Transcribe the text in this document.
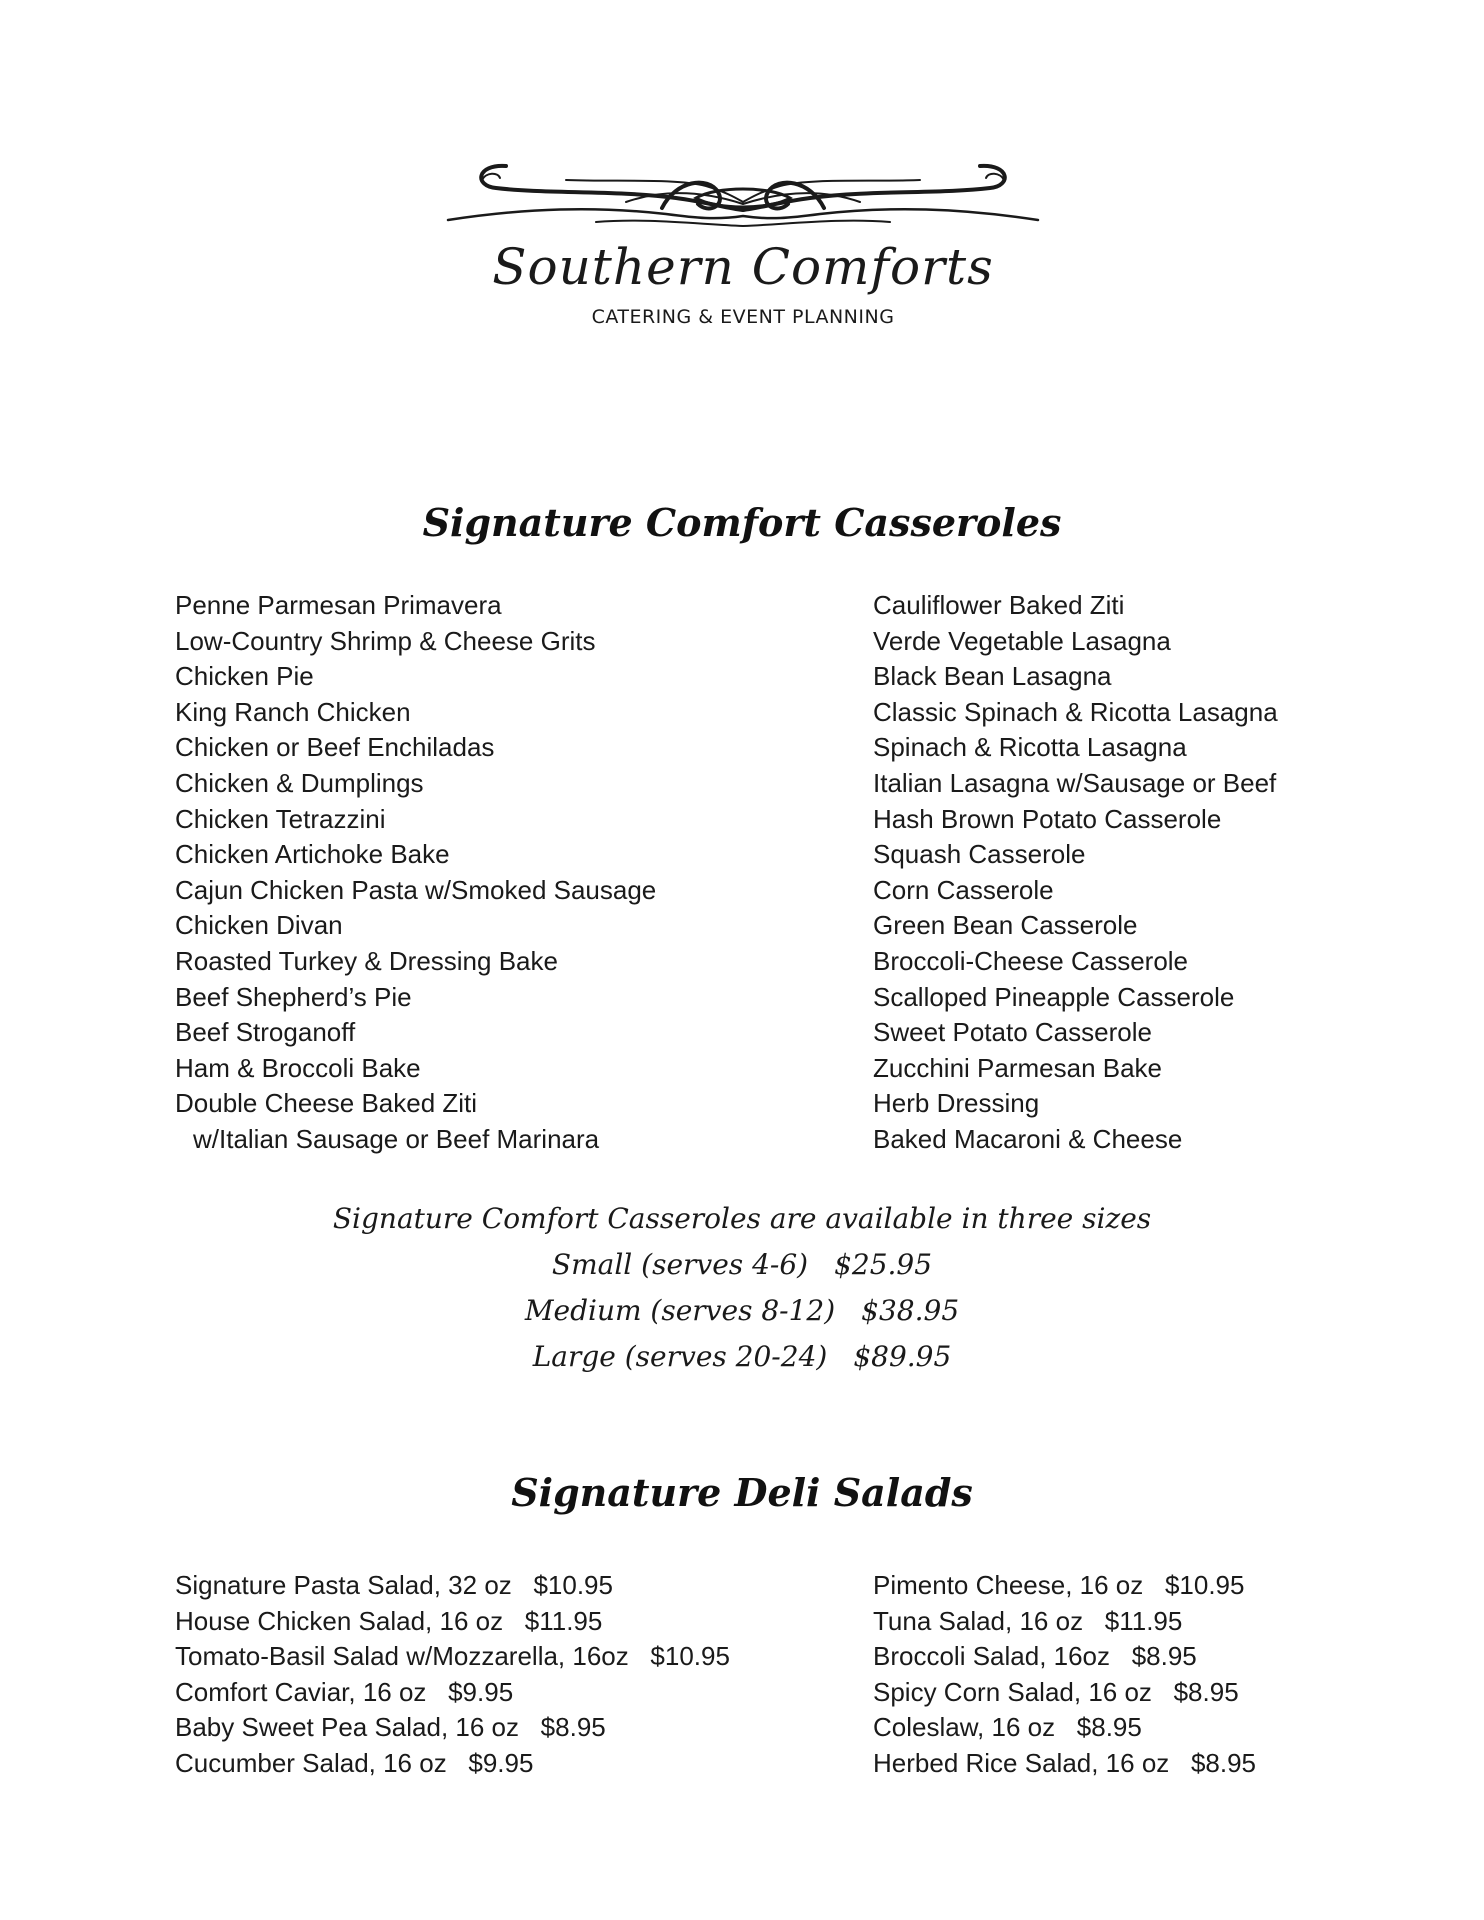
Southern Comforts
CATERING & EVENT PLANNING
Signature Comfort Casseroles
Penne Parmesan Primavera
Low-Country Shrimp & Cheese Grits
Chicken Pie
King Ranch Chicken
Chicken or Beef Enchiladas
Chicken & Dumplings
Chicken Tetrazzini
Chicken Artichoke Bake
Cajun Chicken Pasta w/Smoked Sausage
Chicken Divan
Roasted Turkey & Dressing Bake
Beef Shepherd’s Pie
Beef Stroganoff
Ham & Broccoli Bake
Double Cheese Baked Ziti
w/Italian Sausage or Beef Marinara
Cauliflower Baked Ziti
Verde Vegetable Lasagna
Black Bean Lasagna
Classic Spinach & Ricotta Lasagna
Spinach & Ricotta Lasagna
Italian Lasagna w/Sausage or Beef
Hash Brown Potato Casserole
Squash Casserole
Corn Casserole
Green Bean Casserole
Broccoli-Cheese Casserole
Scalloped Pineapple Casserole
Sweet Potato Casserole
Zucchini Parmesan Bake
Herb Dressing
Baked Macaroni & Cheese
Signature Comfort Casseroles are available in three sizes
Small (serves 4-6) $25.95
Medium (serves 8-12) $38.95
Large (serves 20-24) $89.95
Signature Deli Salads
Signature Pasta Salad, 32 oz   $10.95
House Chicken Salad, 16 oz   $11.95
Tomato-Basil Salad w/Mozzarella, 16oz   $10.95
Comfort Caviar, 16 oz   $9.95
Baby Sweet Pea Salad, 16 oz   $8.95
Cucumber Salad, 16 oz   $9.95
Pimento Cheese, 16 oz   $10.95
Tuna Salad, 16 oz   $11.95
Broccoli Salad, 16oz   $8.95
Spicy Corn Salad, 16 oz   $8.95
Coleslaw, 16 oz   $8.95
Herbed Rice Salad, 16 oz   $8.95
